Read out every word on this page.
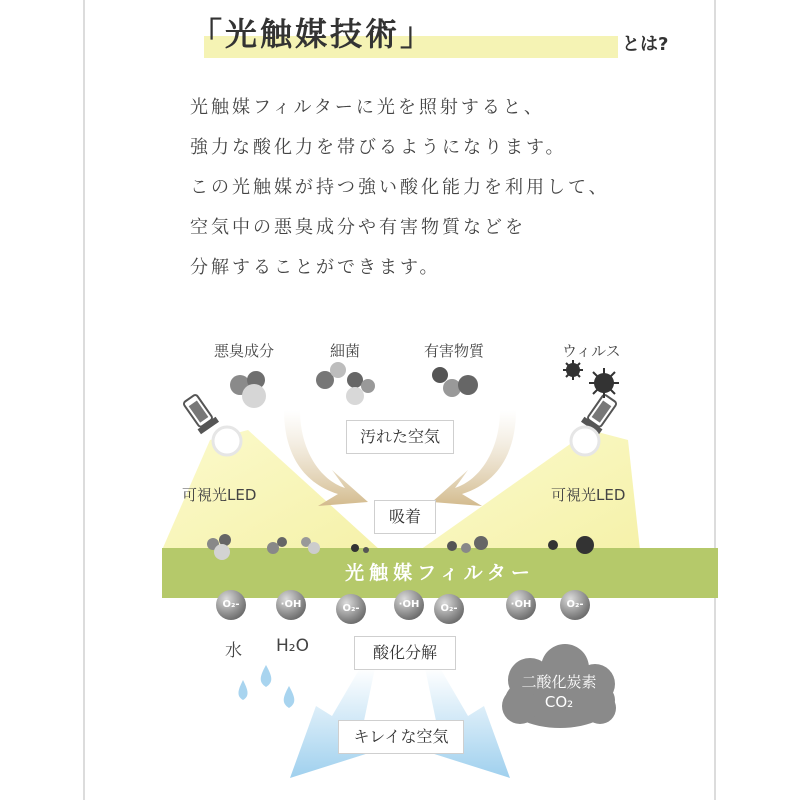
「光触媒技術」	とは?
光触媒フィルターに光を照射すると、
強力な酸化力を帯びるようになります。
この光触媒が持つ強い酸化能力を利用して、
空気中の悪臭成分や有害物質などを
分解することができます。
悪臭成分	細菌	有害物質	ウィルス
汚れた空気
可視光LED	可視光LED
吸着
光触媒フィルター
O₂-	·OH	O₂-	·OH	O₂-	·OH	O₂-
水 H₂O	酸化分解
二酸化炭素
CO₂
キレイな空気
